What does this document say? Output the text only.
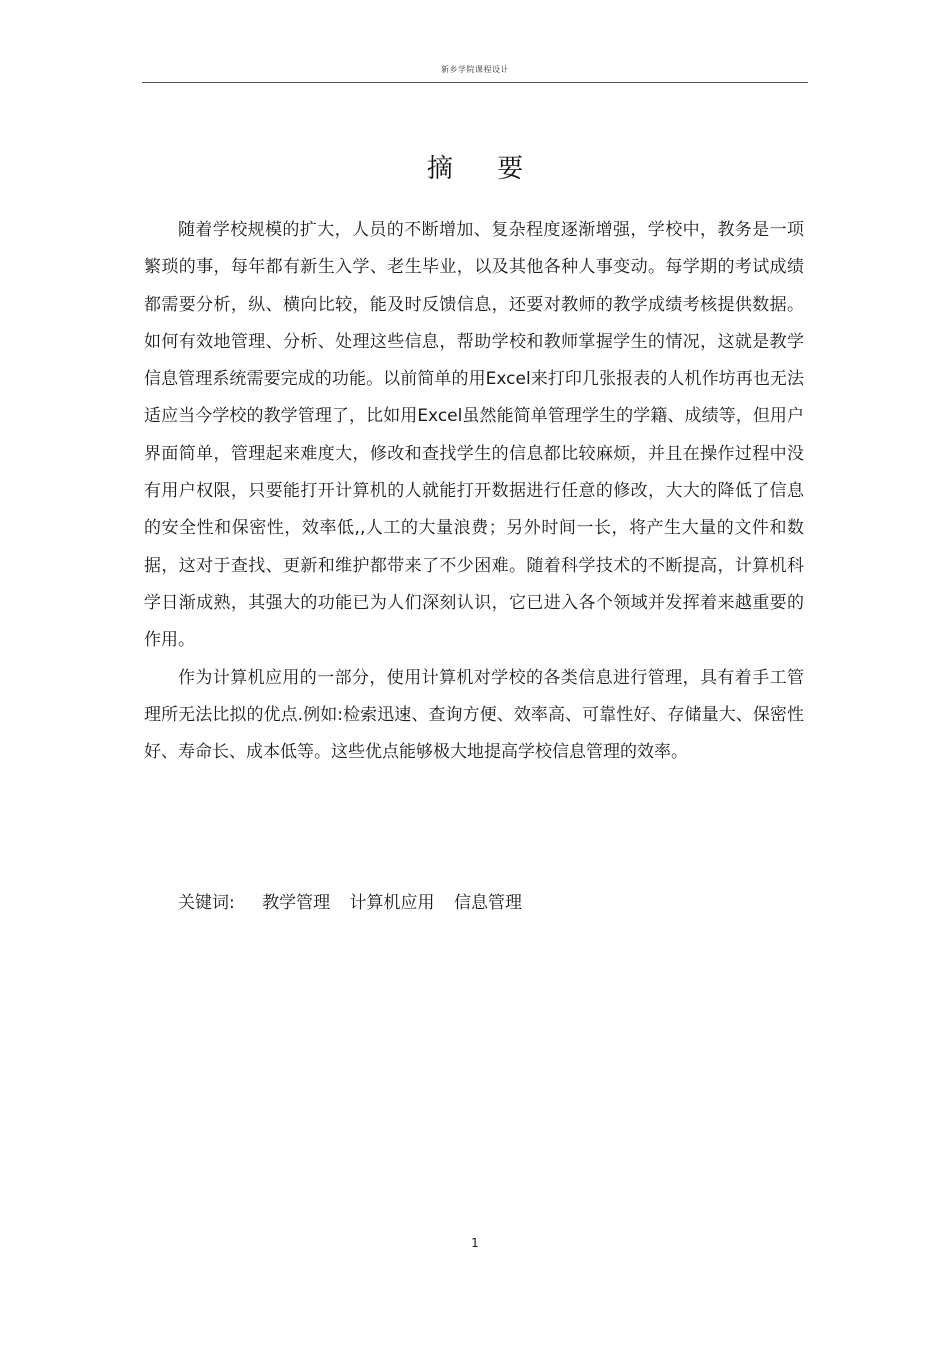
新乡学院课程设计
摘 要

随着学校规模的扩大，人员的不断增加、复杂程度逐渐增强，学校中，教务是一项繁琐的事，每年都有新生入学、老生毕业，以及其他各种人事变动。每学期的考试成绩都需要分析，纵、横向比较，能及时反馈信息，还要对教师的教学成绩考核提供数据。如何有效地管理、分析、处理这些信息，帮助学校和教师掌握学生的情况，这就是教学信息管理系统需要完成的功能。以前简单的用Excel来打印几张报表的人机作坊再也无法适应当今学校的教学管理了，比如用Excel虽然能简单管理学生的学籍、成绩等，但用户界面简单，管理起来难度大，修改和查找学生的信息都比较麻烦，并且在操作过程中没有用户权限，只要能打开计算机的人就能打开数据进行任意的修改，大大的降低了信息的安全性和保密性，效率低,,人工的大量浪费；另外时间一长，将产生大量的文件和数据，这对于查找、更新和维护都带来了不少困难。随着科学技术的不断提高，计算机科学日渐成熟，其强大的功能已为人们深刻认识，它已进入各个领域并发挥着来越重要的作用。

作为计算机应用的一部分，使用计算机对学校的各类信息进行管理，具有着手工管理所无法比拟的优点.例如:检索迅速、查询方便、效率高、可靠性好、存储量大、保密性好、寿命长、成本低等。这些优点能够极大地提高学校信息管理的效率。

关键词: 教学管理 计算机应用 信息管理
1
